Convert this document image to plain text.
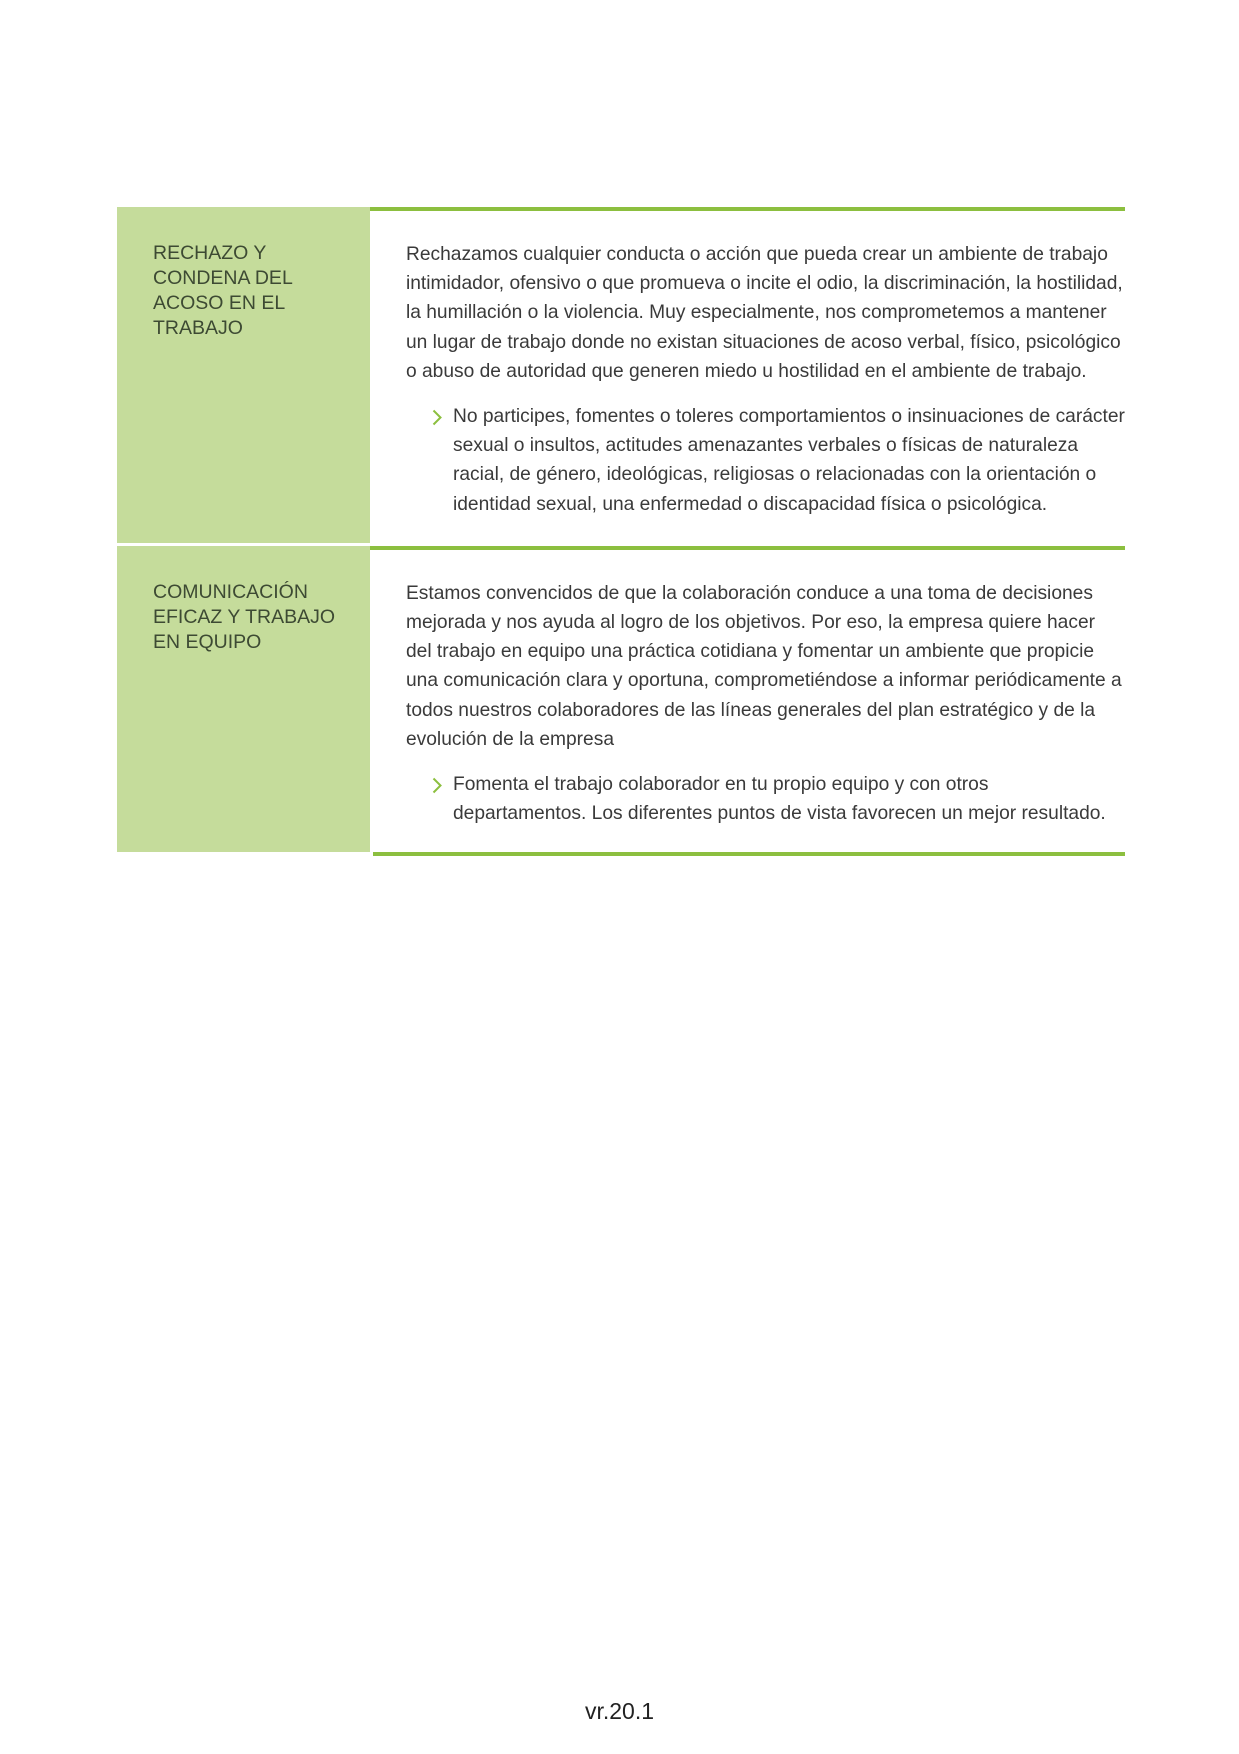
RECHAZO Y CONDENA DEL ACOSO EN EL TRABAJO

Rechazamos cualquier conducta o acción que pueda crear un ambiente de trabajo intimidador, ofensivo o que promueva o incite el odio, la discriminación, la hostilidad, la humillación o la violencia. Muy especialmente, nos comprometemos a mantener un lugar de trabajo donde no existan situaciones de acoso verbal, físico, psicológico o abuso de autoridad que generen miedo u hostilidad en el ambiente de trabajo.

No participes, fomentes o toleres comportamientos o insinuaciones de carácter sexual o insultos, actitudes amenazantes verbales o físicas de naturaleza racial, de género, ideológicas, religiosas o relacionadas con la orientación o identidad sexual, una enfermedad o discapacidad física o psicológica.
COMUNICACIÓN EFICAZ Y TRABAJO EN EQUIPO

Estamos convencidos de que la colaboración conduce a una toma de decisiones mejorada y nos ayuda al logro de los objetivos. Por eso, la empresa quiere hacer del trabajo en equipo una práctica cotidiana y fomentar un ambiente que propicie una comunicación clara y oportuna, comprometiéndose a informar periódicamente a todos nuestros colaboradores de las líneas generales del plan estratégico y de la evolución de la empresa

Fomenta el trabajo colaborador en tu propio equipo y con otros departamentos. Los diferentes puntos de vista favorecen un mejor resultado.
vr.20.1
